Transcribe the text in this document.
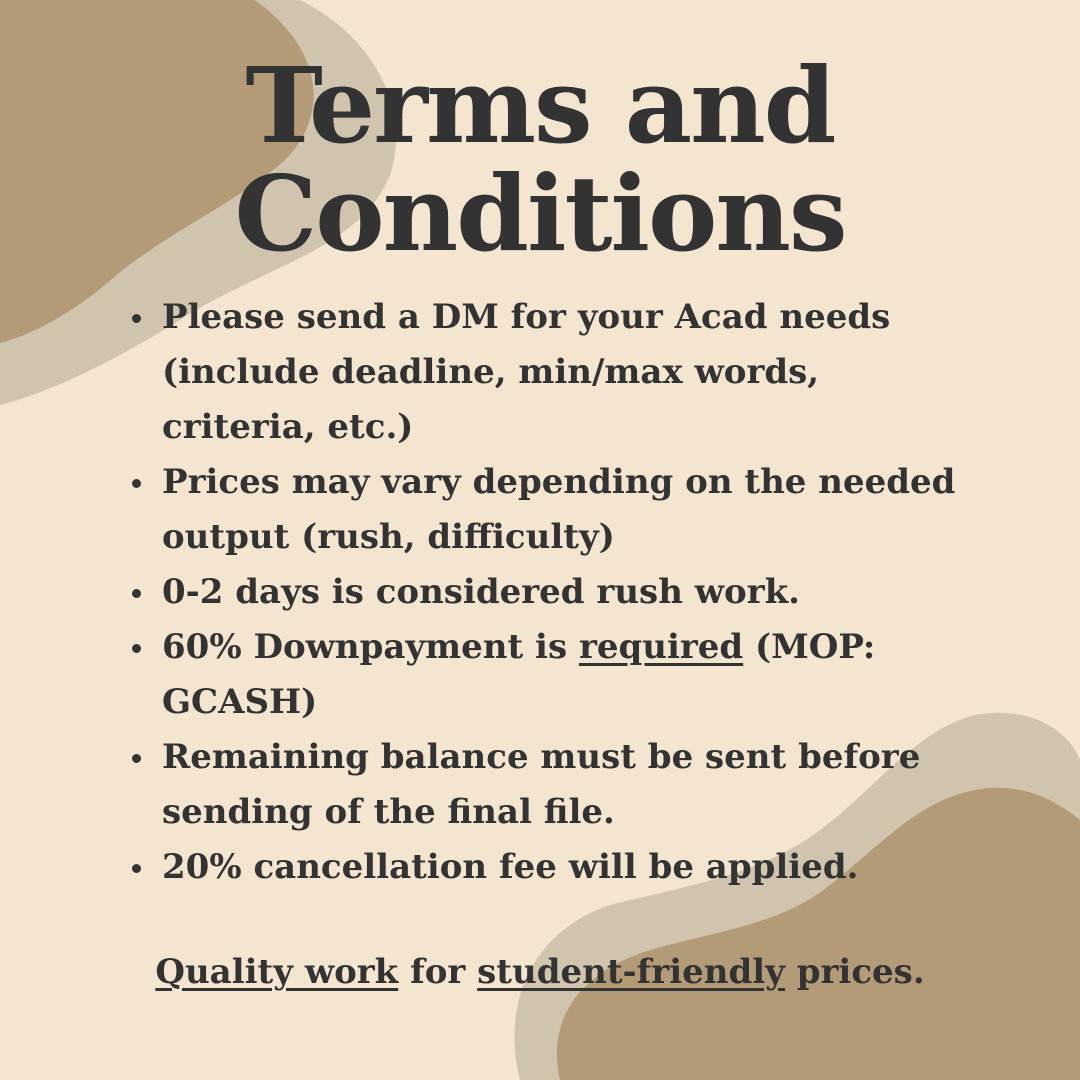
Terms and
Conditions
Please send a DM for your Acad needs (include deadline, min/max words, criteria, etc.)
Prices may vary depending on the needed output (rush, difficulty)
0-2 days is considered rush work.
60% Downpayment is required (MOP: GCASH)
Remaining balance must be sent before sending of the final file.
20% cancellation fee will be applied.

Quality work for student-friendly prices.
